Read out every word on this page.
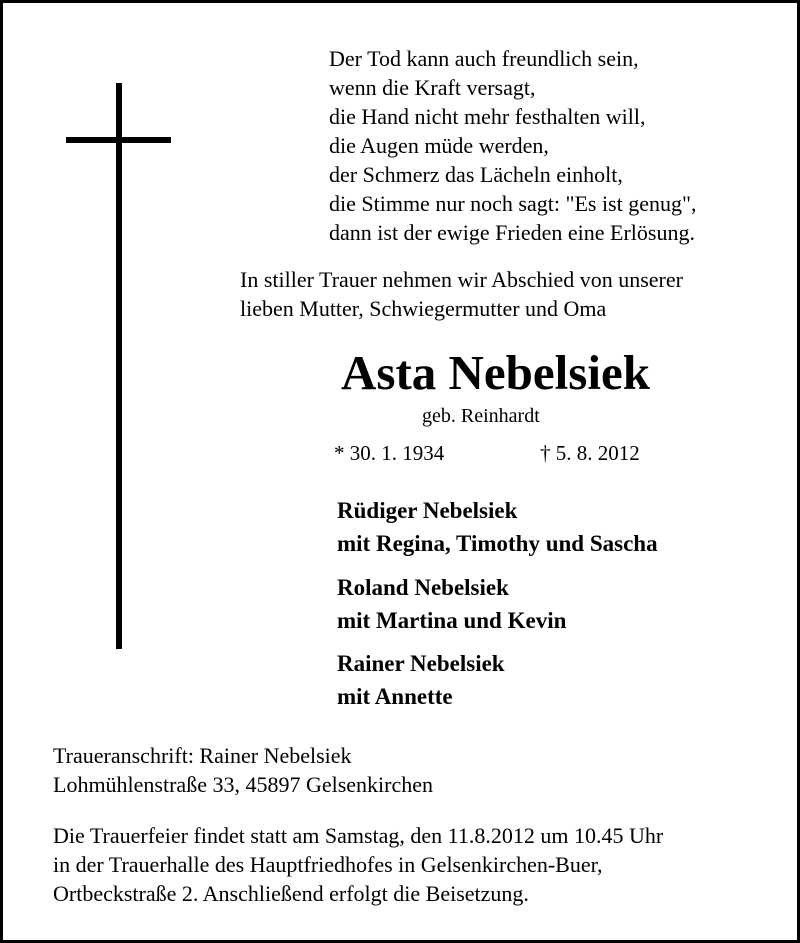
Der Tod kann auch freundlich sein,
wenn die Kraft versagt,
die Hand nicht mehr festhalten will,
die Augen müde werden,
der Schmerz das Lächeln einholt,
die Stimme nur noch sagt: "Es ist genug",
dann ist der ewige Frieden eine Erlösung.
In stiller Trauer nehmen wir Abschied von unserer
lieben Mutter, Schwiegermutter und Oma
Asta Nebelsiek
geb. Reinhardt
* 30. 1. 1934	† 5. 8. 2012
Rüdiger Nebelsiek
mit Regina, Timothy und Sascha
Roland Nebelsiek
mit Martina und Kevin
Rainer Nebelsiek
mit Annette
Traueranschrift: Rainer Nebelsiek
Lohmühlenstraße 33, 45897 Gelsenkirchen
Die Trauerfeier findet statt am Samstag, den 11.8.2012 um 10.45 Uhr
in der Trauerhalle des Hauptfriedhofes in Gelsenkirchen-Buer,
Ortbeckstraße 2. Anschließend erfolgt die Beisetzung.
